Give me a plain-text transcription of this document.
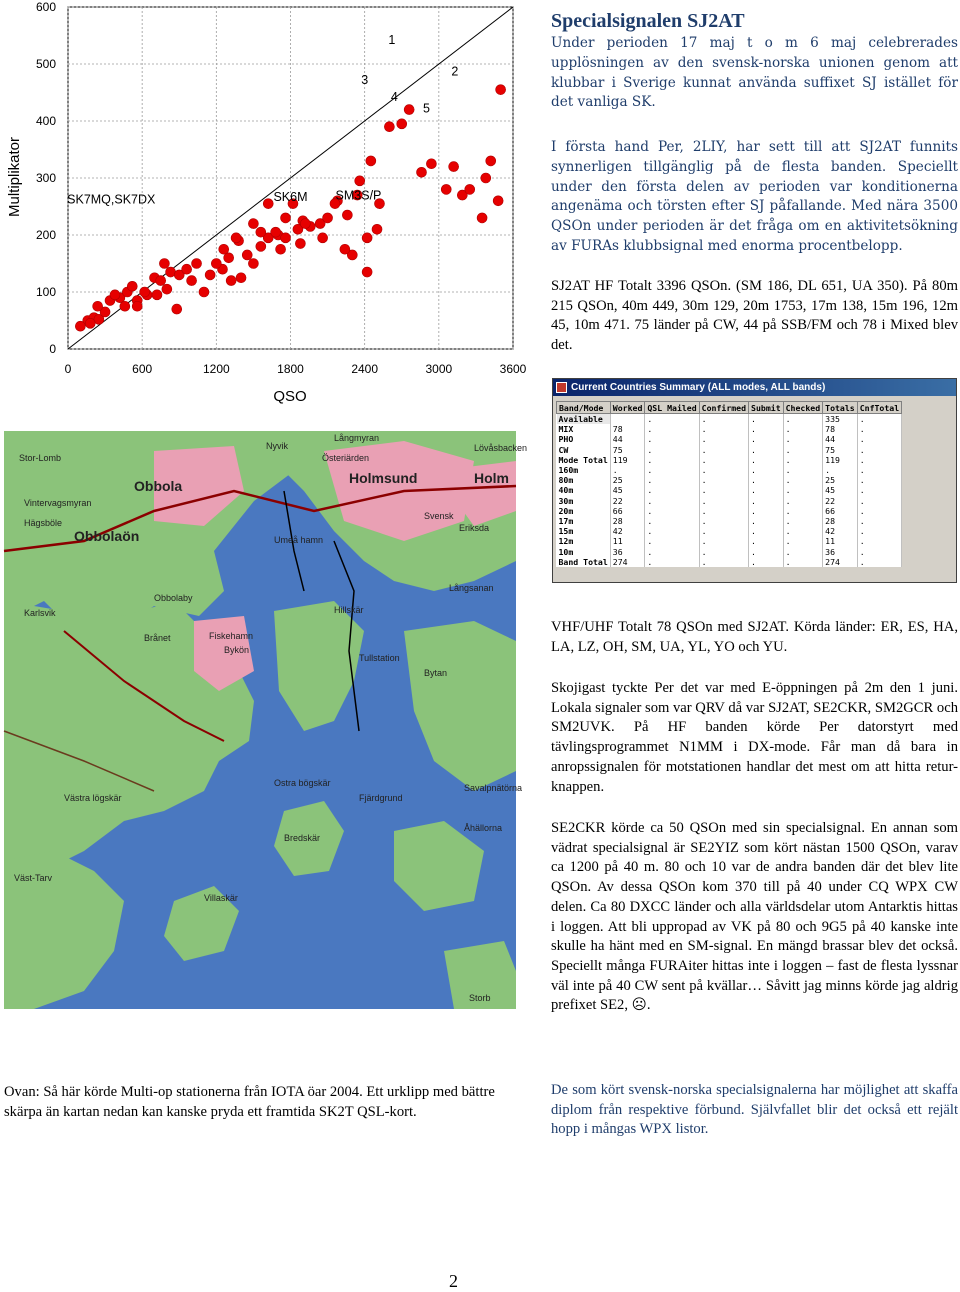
0	600	1200	1800	2400	3000	3600
0
100
200
300
400
500
600
1
2
3
4
5
SK7MQ,SK7DX	SK6M SM3S/P
QSO
Multiplikator
Specialsignalen SJ2AT

Under perioden 17 maj t o m 6 maj celebrerades upplösningen av den svensk-norska unionen genom att klubbar i Sverige kunnat använda suffixet SJ istället för det vanliga SK.

I första hand Per, 2LIY, har sett till att SJ2AT funnits synnerligen tillgänglig på de flesta banden. Speciellt under den första delen av perioden var konditionerna angenäma och törsten efter SJ påfallande. Med nära 3500 QSOn under perioden är det fråga om en aktivitetsökning av FURAs klubbsignal med enorma procentbelopp.

SJ2AT HF Totalt 3396 QSOn. (SM 186, DL 651, UA 350). På 80m 215 QSOn, 40m 449, 30m 129, 20m 1753, 17m 138, 15m 196, 12m 45, 10m 471. 75 länder på CW, 44 på SSB/FM och 78 i Mixed blev det.

Current Countries Summary (ALL modes, ALL bands)
Band/Mode	Worked	QSL Mailed	Confirmed	Submit	Checked	Totals	CnfTotal
Available		.	.	.	.	335	.
MIX	78	.	.	.	.	78	.
PHO	44	.	.	.	.	44	.
CW	75	.	.	.	.	75	.
Mode Total	119	.	.	.	.	119	.
160m	.	.	.	.	.	.	.
80m	25	.	.	.	.	25	.
40m	45	.	.	.	.	45	.
30m	22	.	.	.	.	22	.
20m	66	.	.	.	.	66	.
17m	28	.	.	.	.	28	.
15m	42	.	.	.	.	42	.
12m	11	.	.	.	.	11	.
10m	36	.	.	.	.	36	.
Band Total	274	.	.	.	.	274	.

VHF/UHF Totalt 78 QSOn med SJ2AT. Körda länder: ER, ES, HA, LA, LZ, OH, SM, UA, YL, YO och YU.

Skojigast tyckte Per det var med E-öppningen på 2m den 1 juni. Lokala signaler som var QRV då var SJ2AT, SE2CKR, SM2GCR och SM2UVK. På HF banden körde Per datorstyrt med tävlingsprogrammet N1MM i DX-mode. Får man då bara in anropssignalen för motstationen handlar det mest om att hitta retur-knappen.

SE2CKR körde ca 50 QSOn med sin specialsignal. En annan som vädrat specialsignal är SE2YIZ som kört nästan 1500 QSOn, varav ca 1200 på 40 m. 80 och 10 var de andra banden där det blev lite QSOn. Av dessa QSOn kom 370 till på 40 under CQ WPX CW delen. Ca 80 DXCC länder och alla världsdelar utom Antarktis hittas i loggen. Att bli uppropad av VK på 80 och 9G5 på 40 kanske inte skulle ha hänt med en SM-signal. En mängd brassar blev det också. Speciellt många FURAiter hittas inte i loggen – fast de flesta lyssnar väl inte på 40 CW sent på kvällar… Såvitt jag minns körde jag aldrig prefixet SE2, ☹.

De som kört svensk-norska specialsignalerna har möjlighet att skaffa diplom från respektive förbund. Självfallet blir det också ett rejält hopp i mångas WPX listor.

Nyvik
Långmyran
Österiärden
Holmsund	Holm
Lövåsbacken
Obbola
Obbolaön
Vintervagsmyran
Hägsböle
Stor-Lomb
Umeå hamn
Svensk
Eriksda
Obbolaby
Brånet
Karlsvik
Fiskehamn
Bykön
Hillskär
Tullstation
Bytan
Fjärdgrund
Ostra bögskär
Västra lögskär
Bredskär
Väst-Tarv
Storb
Långsanan
Åhällorna
Savalpnätörna
Villaskär

Ovan: Så här körde Multi-op stationerna från IOTA öar 2004. Ett urklipp med bättre skärpa än kartan nedan kan kanske pryda ett framtida SK2T QSL-kort.

2
